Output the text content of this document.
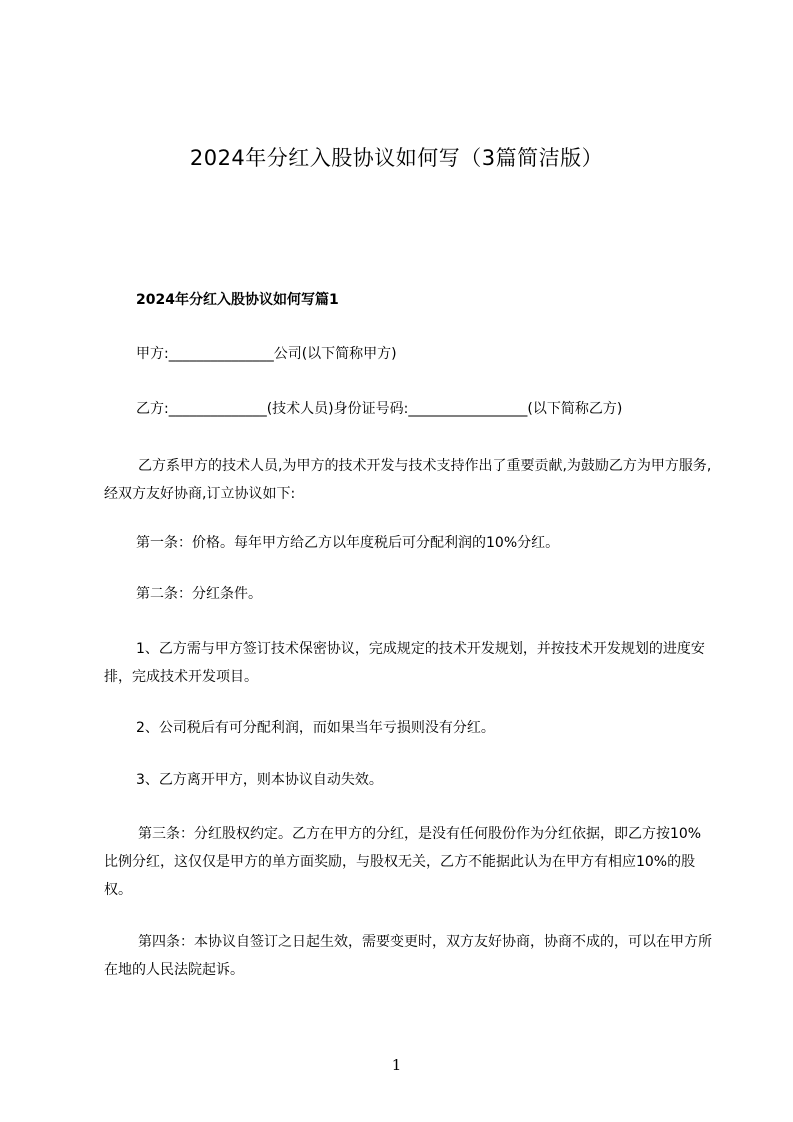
2024年分红入股协议如何写（3篇简洁版）
2024年分红入股协议如何写篇1
甲方:_______________公司(以下简称甲方)
乙方:______________(技术人员)身份证号码:_________________(以下简称乙方)
乙方系甲方的技术人员,为甲方的技术开发与技术支持作出了重要贡献,为鼓励乙方为甲方服务,经双方友好协商,订立协议如下:
第一条：价格。每年甲方给乙方以年度税后可分配利润的10%分红。
第二条：分红条件。
1、乙方需与甲方签订技术保密协议，完成规定的技术开发规划，并按技术开发规划的进度安排，完成技术开发项目。
2、公司税后有可分配利润，而如果当年亏损则没有分红。
3、乙方离开甲方，则本协议自动失效。
第三条：分红股权约定。乙方在甲方的分红，是没有任何股份作为分红依据，即乙方按10%比例分红，这仅仅是甲方的单方面奖励，与股权无关，乙方不能据此认为在甲方有相应10%的股权。
第四条：本协议自签订之日起生效，需要变更时，双方友好协商，协商不成的，可以在甲方所在地的人民法院起诉。
1
